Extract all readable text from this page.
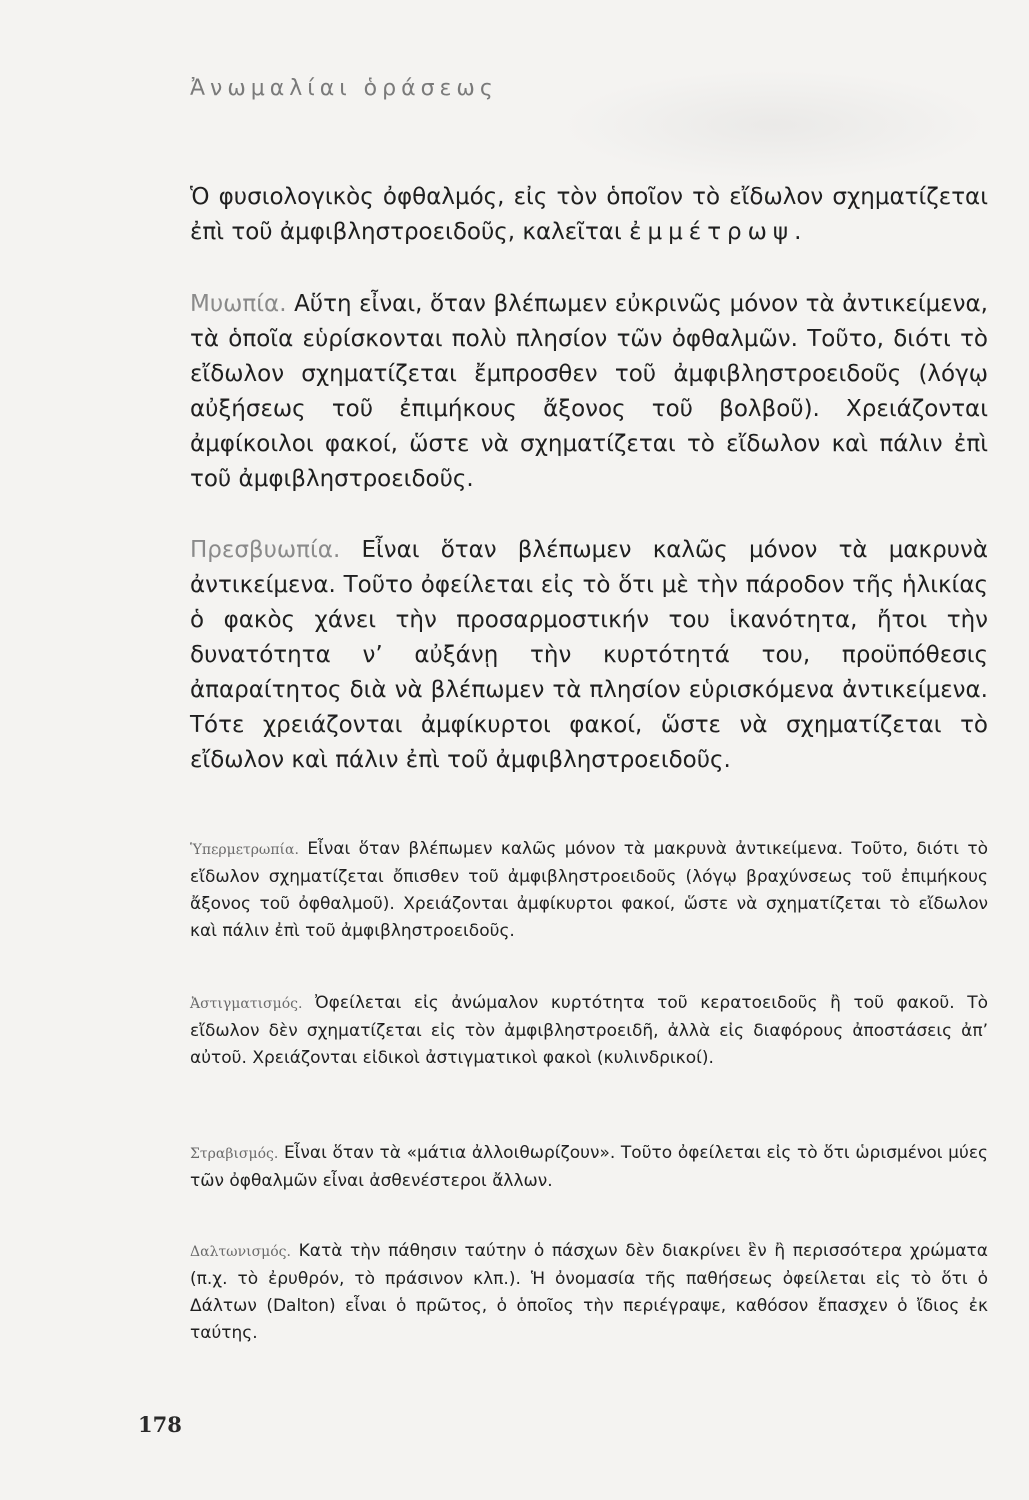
Ἀνωμαλίαι ὁράσεως

Ὁ φυσιολογικὸς ὀφθαλμός, εἰς τὸν ὁποῖον τὸ εἴδωλον σχηματίζεται ἐπὶ τοῦ ἀμφιβληστροειδοῦς, καλεῖται ἐμμέτρωψ.

Μυωπία. Αὕτη εἶναι, ὅταν βλέπωμεν εὐκρινῶς μόνον τὰ ἀντικείμενα, τὰ ὁποῖα εὑρίσκονται πολὺ πλησίον τῶν ὀφθαλμῶν. Τοῦτο, διότι τὸ εἴδωλον σχηματίζεται ἔμπροσθεν τοῦ ἀμφιβληστροειδοῦς (λόγῳ αὐξήσεως τοῦ ἐπιμήκους ἄξονος τοῦ βολβοῦ). Χρειάζονται ἀμφίκοιλοι φακοί, ὥστε νὰ σχηματίζεται τὸ εἴδωλον καὶ πάλιν ἐπὶ τοῦ ἀμφιβληστροειδοῦς.

Πρεσβυωπία. Εἶναι ὅταν βλέπωμεν καλῶς μόνον τὰ μακρυνὰ ἀντικείμενα. Τοῦτο ὀφείλεται εἰς τὸ ὅτι μὲ τὴν πάροδον τῆς ἡλικίας ὁ φακὸς χάνει τὴν προσαρμοστικήν του ἱκανότητα, ἤτοι τὴν δυνατότητα ν’ αὐξάνῃ τὴν κυρτότητά του, προϋπόθεσις ἀπαραίτητος διὰ νὰ βλέπωμεν τὰ πλησίον εὑρισκόμενα ἀντικείμενα. Τότε χρειάζονται ἀμφίκυρτοι φακοί, ὥστε νὰ σχηματίζεται τὸ εἴδωλον καὶ πάλιν ἐπὶ τοῦ ἀμφιβληστροειδοῦς.

Ὑπερμετρωπία. Εἶναι ὅταν βλέπωμεν καλῶς μόνον τὰ μακρυνὰ ἀντικείμενα. Τοῦτο, διότι τὸ εἴδωλον σχηματίζεται ὄπισθεν τοῦ ἀμφιβληστροειδοῦς (λόγῳ βραχύνσεως τοῦ ἐπιμήκους ἄξονος τοῦ ὀφθαλμοῦ). Χρειάζονται ἀμφίκυρτοι φακοί, ὥστε νὰ σχηματίζεται τὸ εἴδωλον καὶ πάλιν ἐπὶ τοῦ ἀμφιβληστροειδοῦς.

Ἀστιγματισμός. Ὀφείλεται εἰς ἀνώμαλον κυρτότητα τοῦ κερατοειδοῦς ἢ τοῦ φακοῦ. Τὸ εἴδωλον δὲν σχηματίζεται εἰς τὸν ἀμφιβληστροειδῆ, ἀλλὰ εἰς διαφόρους ἀποστάσεις ἀπ’ αὐτοῦ. Χρειάζονται εἰδικοὶ ἀστιγματικοὶ φακοὶ (κυλινδρικοί).

Στραβισμός. Εἶναι ὅταν τὰ «μάτια ἀλλοιθωρίζουν». Τοῦτο ὀφείλεται εἰς τὸ ὅτι ὡρισμένοι μύες τῶν ὀφθαλμῶν εἶναι ἀσθενέστεροι ἄλλων.

Δαλτωνισμός. Κατὰ τὴν πάθησιν ταύτην ὁ πάσχων δὲν διακρίνει ἓν ἢ περισσότερα χρώματα (π.χ. τὸ ἐρυθρόν, τὸ πράσινον κλπ.). Ἡ ὀνομασία τῆς παθήσεως ὀφείλεται εἰς τὸ ὅτι ὁ Δάλτων (Dalton) εἶναι ὁ πρῶτος, ὁ ὁποῖος τὴν περιέγραψε, καθόσον ἔπασχεν ὁ ἴδιος ἐκ ταύτης.

178
